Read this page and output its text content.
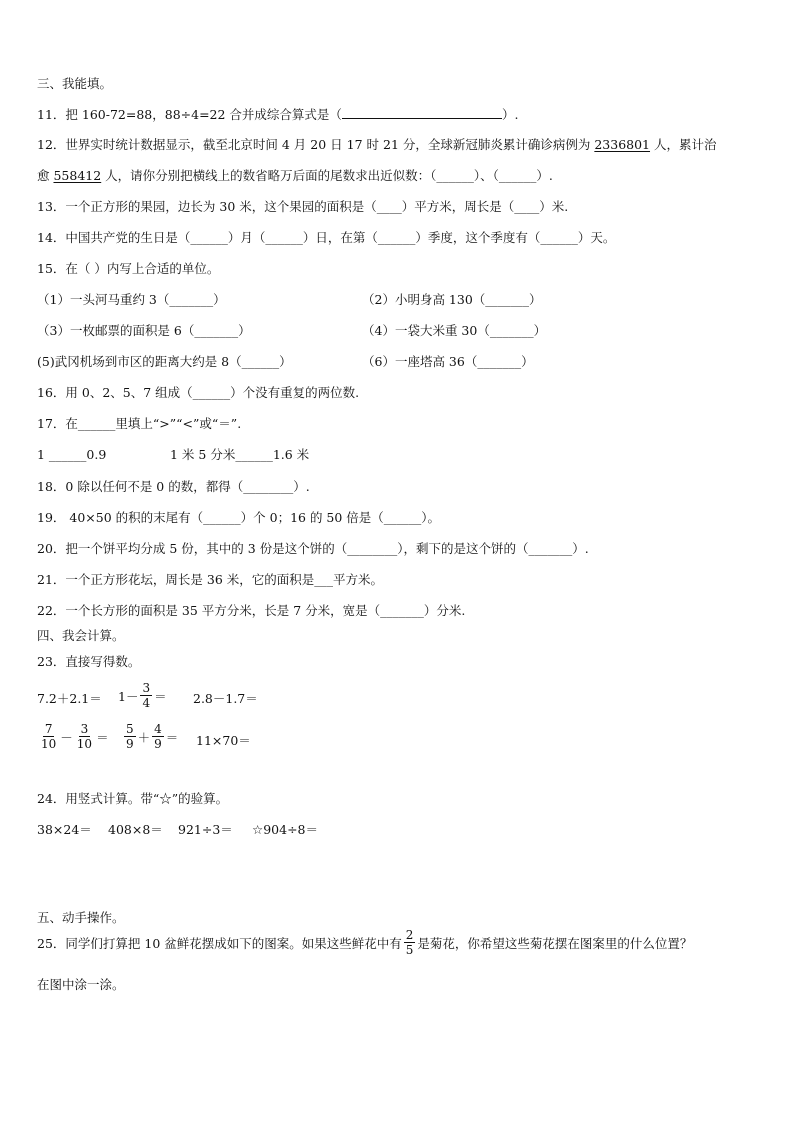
三、我能填。
11．把 160-72=88，88÷4=22 合并成综合算式是（	）.
12．世界实时统计数据显示，截至北京时间 4 月 20 日 17 时 21 分，全球新冠肺炎累计确诊病例为 2336801 人，累计治
愈 558412 人，请你分别把横线上的数省略万后面的尾数求出近似数：（______）、（______）.
13．一个正方形的果园，边长为 30 米，这个果园的面积是（____）平方米，周长是（____）米.
14．中国共产党的生日是（______）月（______）日，在第（______）季度，这个季度有（______）天。
15．在（ ）内写上合适的单位。
（1）一头河马重约 3（_______）	（2）小明身高 130（_______）
（3）一枚邮票的面积是 6（_______）	（4）一袋大米重 30（_______）
(5)武冈机场到市区的距离大约是 8（______）	（6）一座塔高 36（_______）
16．用 0、2、5、7 组成（______）个没有重复的两位数.
17．在______里填上“>”“<”或“＝”.
1 ______0.9	1 米 5 分米______1.6 米
18．0 除以任何不是 0 的数，都得（________）.
19． 40×50 的积的末尾有（______）个 0；16 的 50 倍是（______）。
20．把一个饼平均分成 5 份，其中的 3 份是这个饼的（________），剩下的是这个饼的（_______）.
21．一个正方形花坛，周长是 36 米，它的面积是___平方米。
22．一个长方形的面积是 35 平方分米，长是 7 分米，宽是（_______）分米.
四、我会计算。
23．直接写得数。
$7.2+2.1= 1- \frac{3}{4} = 2.8-1.7=$
$\frac{7}{10} - \frac{3}{10} = \frac{5}{9} + \frac{4}{9} = 11\times 70=$
24．用竖式计算。带“☆”的验算。
38×24＝ 408×8＝ 921÷3＝ ☆904÷8＝
五、动手操作。
25．同学们打算把 10 盆鲜花摆成如下的图案。如果这些鲜花中有 $\frac{2}{5}$ 是菊花，你希望这些菊花摆在图案里的什么位置？
在图中涂一涂。
